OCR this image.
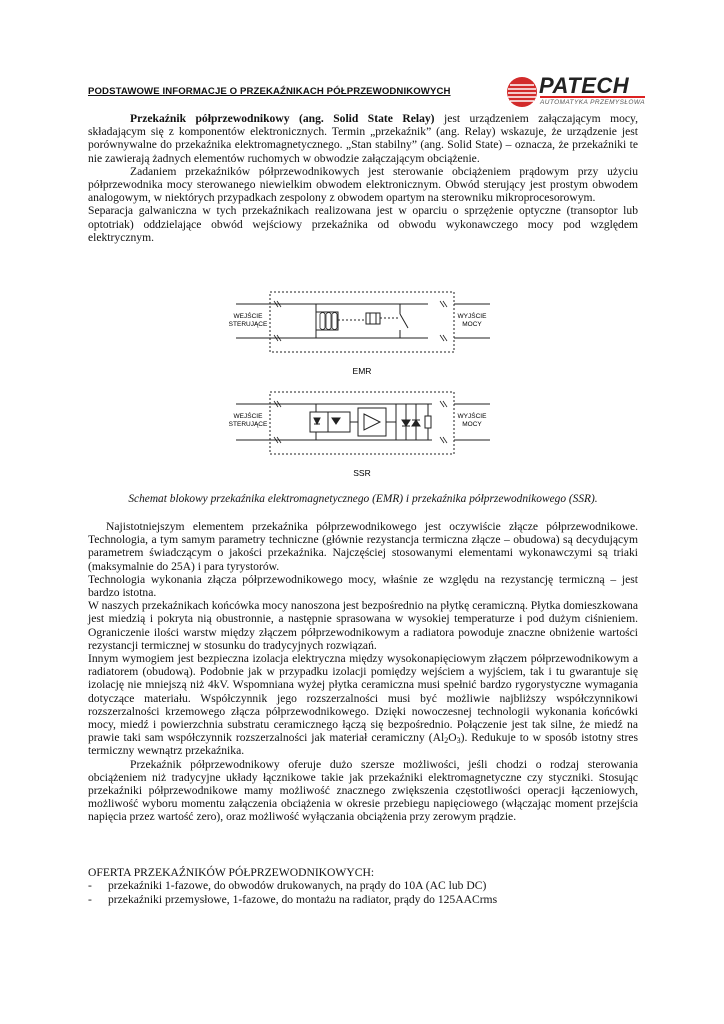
PODSTAWOWE INFORMACJE O PRZEKAŹNIKACH PÓŁPRZEWODNIKOWYCH	PATECH
AUTOMATYKA PRZEMYSŁOWA

Przekaźnik półprzewodnikowy (ang. Solid State Relay) jest urządzeniem załączającym mocy, składającym się z komponentów elektronicznych. Termin „przekaźnik” (ang. Relay) wskazuje, że urządzenie jest porównywalne do przekaźnika elektromagnetycznego. „Stan stabilny” (ang. Solid State) – oznacza, że przekaźniki te nie zawierają żadnych elementów ruchomych w obwodzie załączającym obciążenie.

Zadaniem przekaźników półprzewodnikowych jest sterowanie obciążeniem prądowym przy użyciu półprzewodnika mocy sterowanego niewielkim obwodem elektronicznym. Obwód sterujący jest prostym obwodem analogowym, w niektórych przypadkach zespolony z obwodem opartym na sterowniku mikroprocesorowym.

Separacja galwaniczna w tych przekaźnikach realizowana jest w oparciu o sprzężenie optyczne (transoptor lub optotriak) oddzielające obwód wejściowy przekaźnika od obwodu wykonawczego mocy pod względem elektrycznym.

WEJŚCIE
STERUJĄCE
WYJŚCIE
MOCY
EMR
WEJŚCIE
STERUJĄCE
WYJŚCIE
MOCY
SSR
Schemat blokowy przekaźnika elektromagnetycznego (EMR) i przekaźnika półprzewodnikowego (SSR).

Najistotniejszym elementem przekaźnika półprzewodnikowego jest oczywiście złącze półprzewodnikowe. Technologia, a tym samym parametry techniczne (głównie rezystancja termiczna złącze – obudowa) są decydującym parametrem świadczącym o jakości przekaźnika. Najczęściej stosowanymi elementami wykonawczymi są triaki (maksymalnie do 25A) i para tyrystorów.

Technologia wykonania złącza półprzewodnikowego mocy, właśnie ze względu na rezystancję termiczną – jest bardzo istotna.

W naszych przekaźnikach końcówka mocy nanoszona jest bezpośrednio na płytkę ceramiczną. Płytka domieszkowana jest miedzią i pokryta nią obustronnie, a następnie sprasowana w wysokiej temperaturze i pod dużym ciśnieniem. Ograniczenie ilości warstw między złączem półprzewodnikowym a radiatora powoduje znaczne obniżenie wartości rezystancji termicznej w stosunku do tradycyjnych rozwiązań.

Innym wymogiem jest bezpieczna izolacja elektryczna między wysokonapięciowym złączem półprzewodnikowym a radiatorem (obudową). Podobnie jak w przypadku izolacji pomiędzy wejściem a wyjściem, tak i tu gwarantuje się izolację nie mniejszą niż 4kV. Wspomniana wyżej płytka ceramiczna musi spełnić bardzo rygorystyczne wymagania dotyczące materiału. Współczynnik jego rozszerzalności musi być możliwie najbliższy współczynnikowi rozszerzalności krzemowego złącza półprzewodnikowego. Dzięki nowoczesnej technologii wykonania końcówki mocy, miedź i powierzchnia substratu ceramicznego łączą się bezpośrednio. Połączenie jest tak silne, że miedź na prawie taki sam współczynnik rozszerzalności jak materiał ceramiczny $(Al_2O_3)$. Redukuje to w sposób istotny stres termiczny wewnątrz przekaźnika.

Przekaźnik półprzewodnikowy oferuje dużo szersze możliwości, jeśli chodzi o rodzaj sterowania obciążeniem niż tradycyjne układy łącznikowe takie jak przekaźniki elektromagnetyczne czy styczniki. Stosując przekaźniki półprzewodnikowe mamy możliwość znacznego zwiększenia częstotliwości operacji łączeniowych, możliwość wyboru momentu załączenia obciążenia w okresie przebiegu napięciowego (włączając moment przejścia napięcia przez wartość zero), oraz możliwość wyłączania obciążenia przy zerowym prądzie.

OFERTA PRZEKAŹNIKÓW PÓŁPRZEWODNIKOWYCH:
- przekaźniki 1-fazowe, do obwodów drukowanych, na prądy do 10A (AC lub DC)
- przekaźniki przemysłowe, 1-fazowe, do montażu na radiator, prądy do 125AACrms
